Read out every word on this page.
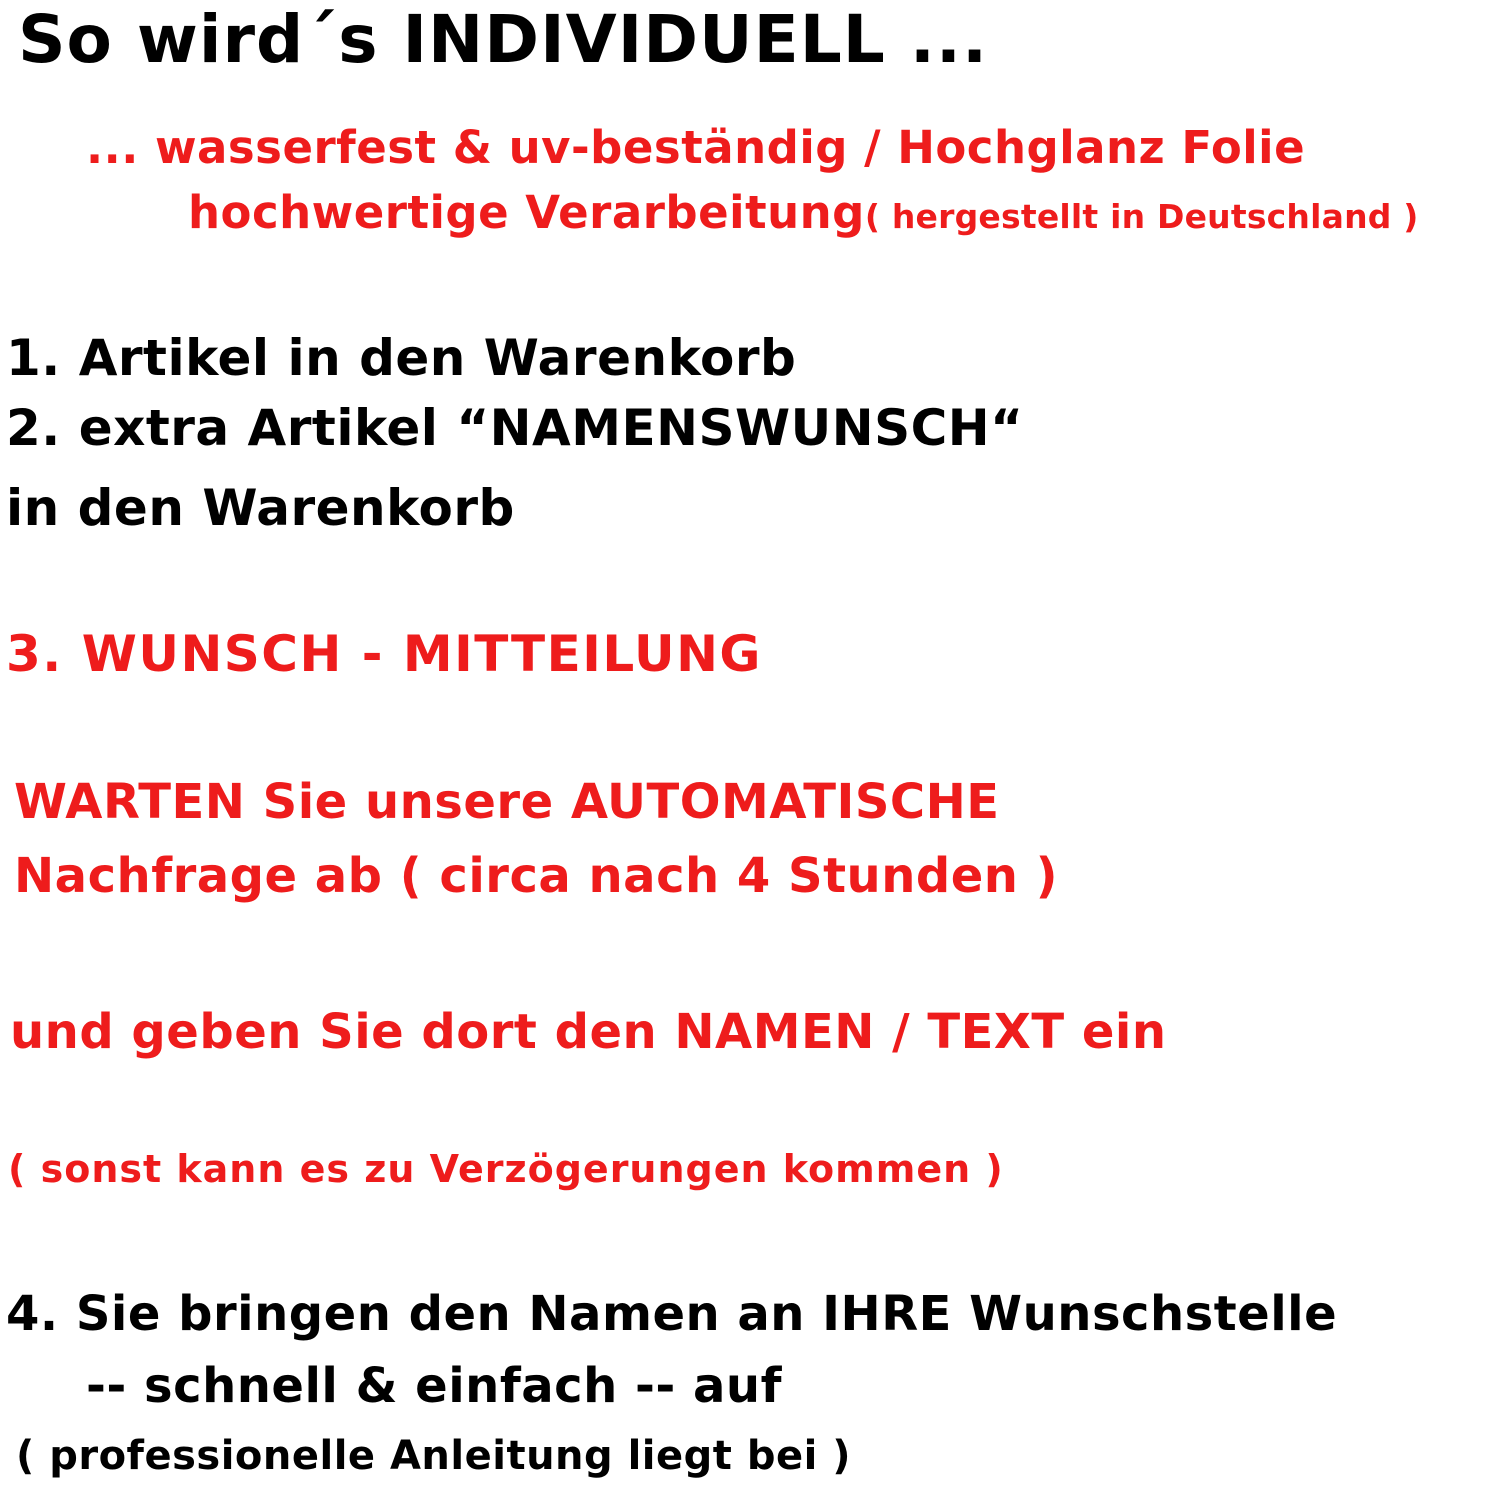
So wird´s INDIVIDUELL ...
... wasserfest & uv-beständig / Hochglanz Folie
hochwertige Verarbeitung( hergestellt in Deutschland )
1. Artikel in den Warenkorb
2. extra Artikel “NAMENSWUNSCH“
in den Warenkorb
3. WUNSCH - MITTEILUNG
WARTEN Sie unsere AUTOMATISCHE
Nachfrage ab ( circa nach 4 Stunden )
und geben Sie dort den NAMEN / TEXT ein
( sonst kann es zu Verzögerungen kommen )
4. Sie bringen den Namen an IHRE Wunschstelle
-- schnell & einfach -- auf
( professionelle Anleitung liegt bei )
